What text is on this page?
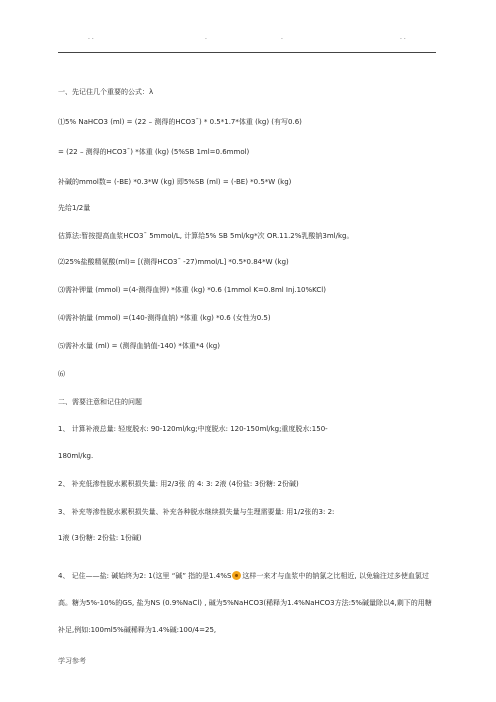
. .	.	.	. .
一、先记住几个重要的公式：λ
⑴5% NaHCO3 (ml) = (22 – 测得的HCO3ˉ) * 0.5*1.7*体重 (kg) (有写0.6)
= (22 – 测得的HCO3ˉ) *体重 (kg) (5%SB 1ml=0.6mmol)
补碱的mmol数= (-BE) *0.3*W (kg) 即5%SB (ml) = (-BE) *0.5*W (kg)
先给1/2量
估算法:暂按提高血浆HCO3ˉ 5mmol/L, 计算给5% SB 5ml/kg*次 OR.11.2%乳酸钠3ml/kg。
⑵25%盐酸精氨酸(ml)= [(测得HCO3ˉ -27)mmol/L] *0.5*0.84*W (kg)
⑶需补钾量 (mmol) =(4-测得血钾) *体重 (kg) *0.6 (1mmol K=0.8ml Inj.10%KCl)
⑷需补钠量 (mmol) =(140-测得血钠) *体重 (kg) *0.6 (女性为0.5)
⑸需补水量 (ml) = (测得血钠值-140) *体重*4 (kg)
⑹
二、需要注意和记住的问题
1、 计算补液总量: 轻度脱水: 90-120ml/kg;中度脱水: 120-150ml/kg;重度脱水:150-
180ml/kg.
2、 补充低渗性脱水累积损失量: 用2/3张 的 4: 3: 2液 (4份盐: 3份糖: 2份碱)
3、 补充等渗性脱水累积损失量、补充各种脱水继续损失量与生理需要量: 用1/2张的3: 2:
1液 (3份糖: 2份盐: 1份碱)
4、 记住——盐: 碱始终为2: 1(这里 “碱” 指的是1.4%S 这样一来才与血浆中的钠氯之比相近, 以免输注过多使血氯过高。糖为5%-10%的GS, 盐为NS (0.9%NaCl) , 碱为5%NaHCO3(稀释为1.4%NaHCO3方法:5%碱量除以4,剩下的用糖补足,例如:100ml5%碱稀释为1.4%碱:100/4=25,
学习参考
